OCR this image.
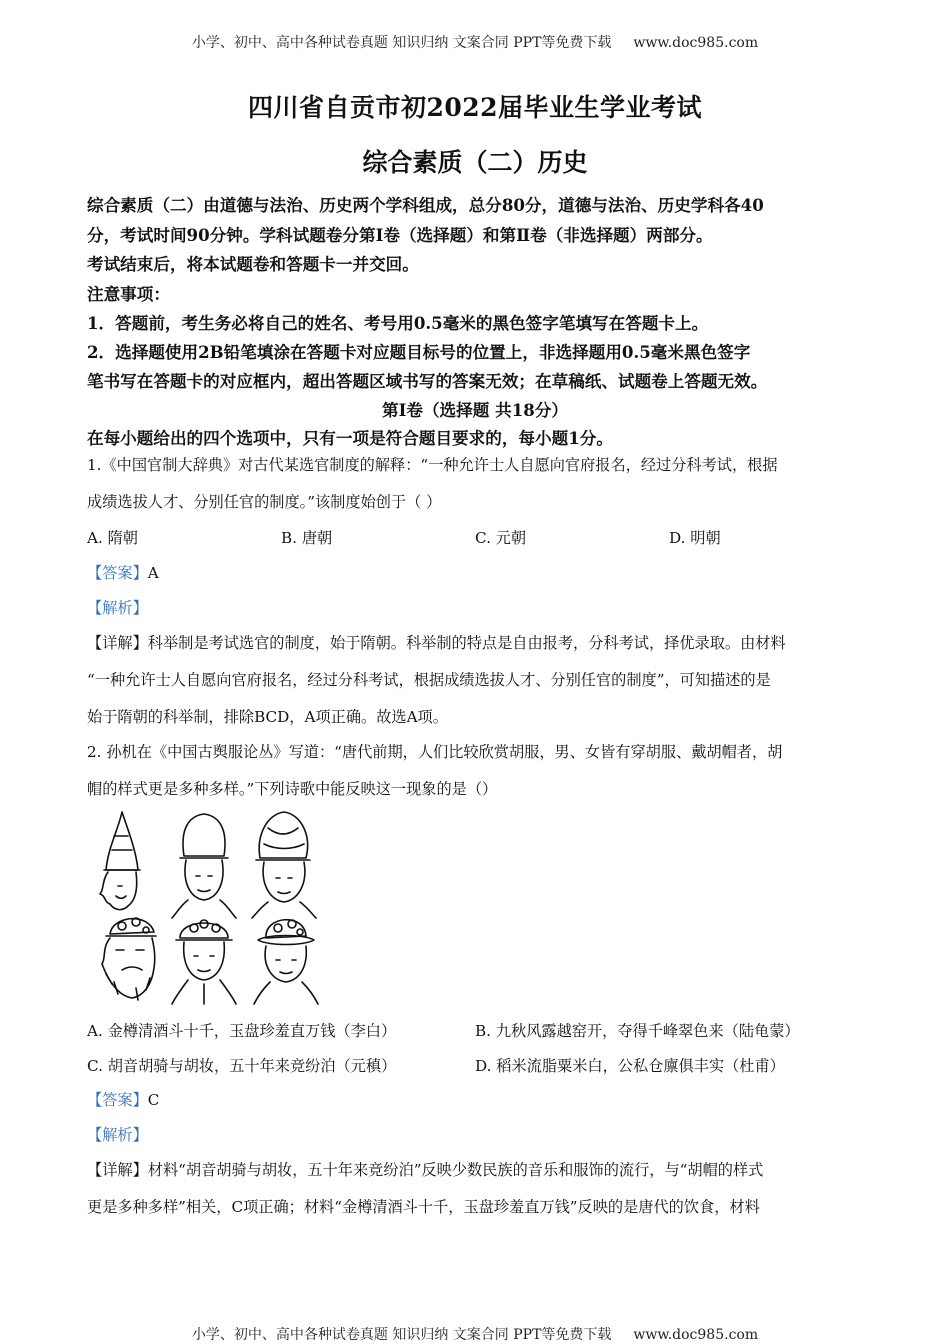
小学、初中、高中各种试卷真题 知识归纳 文案合同 PPT等免费下载 www.doc985.com
四川省自贡市初2022届毕业生学业考试
综合素质（二）历史
综合素质（二）由道德与法治、历史两个学科组成，总分80分，道德与法治、历史学科各40
分，考试时间90分钟。学科试题卷分第Ⅰ卷（选择题）和第Ⅱ卷（非选择题）两部分。
考试结束后，将本试题卷和答题卡一并交回。
注意事项：
1．答题前，考生务必将自己的姓名、考号用0.5毫米的黑色签字笔填写在答题卡上。
2．选择题使用2B铅笔填涂在答题卡对应题目标号的位置上，非选择题用0.5毫米黑色签字
笔书写在答题卡的对应框内，超出答题区域书写的答案无效；在草稿纸、试题卷上答题无效。
第Ⅰ卷（选择题 共18分）
在每小题给出的四个选项中，只有一项是符合题目要求的，每小题1分。
1.《中国官制大辞典》对古代某选官制度的解释：“一种允许士人自愿向官府报名，经过分科考试，根据
成绩选拔人才、分别任官的制度。”该制度始创于（ ）
A. 隋朝	B. 唐朝	C. 元朝	D. 明朝
【答案】A
【解析】
【详解】科举制是考试选官的制度，始于隋朝。科举制的特点是自由报考，分科考试，择优录取。由材料
“一种允许士人自愿向官府报名，经过分科考试，根据成绩选拔人才、分别任官的制度”，可知描述的是
始于隋朝的科举制，排除BCD，A项正确。故选A项。
2. 孙机在《中国古舆服论丛》写道：“唐代前期，人们比较欣赏胡服，男、女皆有穿胡服、戴胡帽者，胡
帽的样式更是多种多样。”下列诗歌中能反映这一现象的是（）
A. 金樽清酒斗十千，玉盘珍羞直万钱（李白）	B. 九秋风露越窑开，夺得千峰翠色来（陆龟蒙）
C. 胡音胡骑与胡妆，五十年来竞纷泊（元稹）	D. 稻米流脂粟米白，公私仓廪俱丰实（杜甫）
【答案】C
【解析】
【详解】材料“胡音胡骑与胡妆，五十年来竞纷泊”反映少数民族的音乐和服饰的流行，与“胡帽的样式
更是多种多样”相关，C项正确；材料“金樽清酒斗十千，玉盘珍羞直万钱”反映的是唐代的饮食，材料
小学、初中、高中各种试卷真题 知识归纳 文案合同 PPT等免费下载 www.doc985.com
